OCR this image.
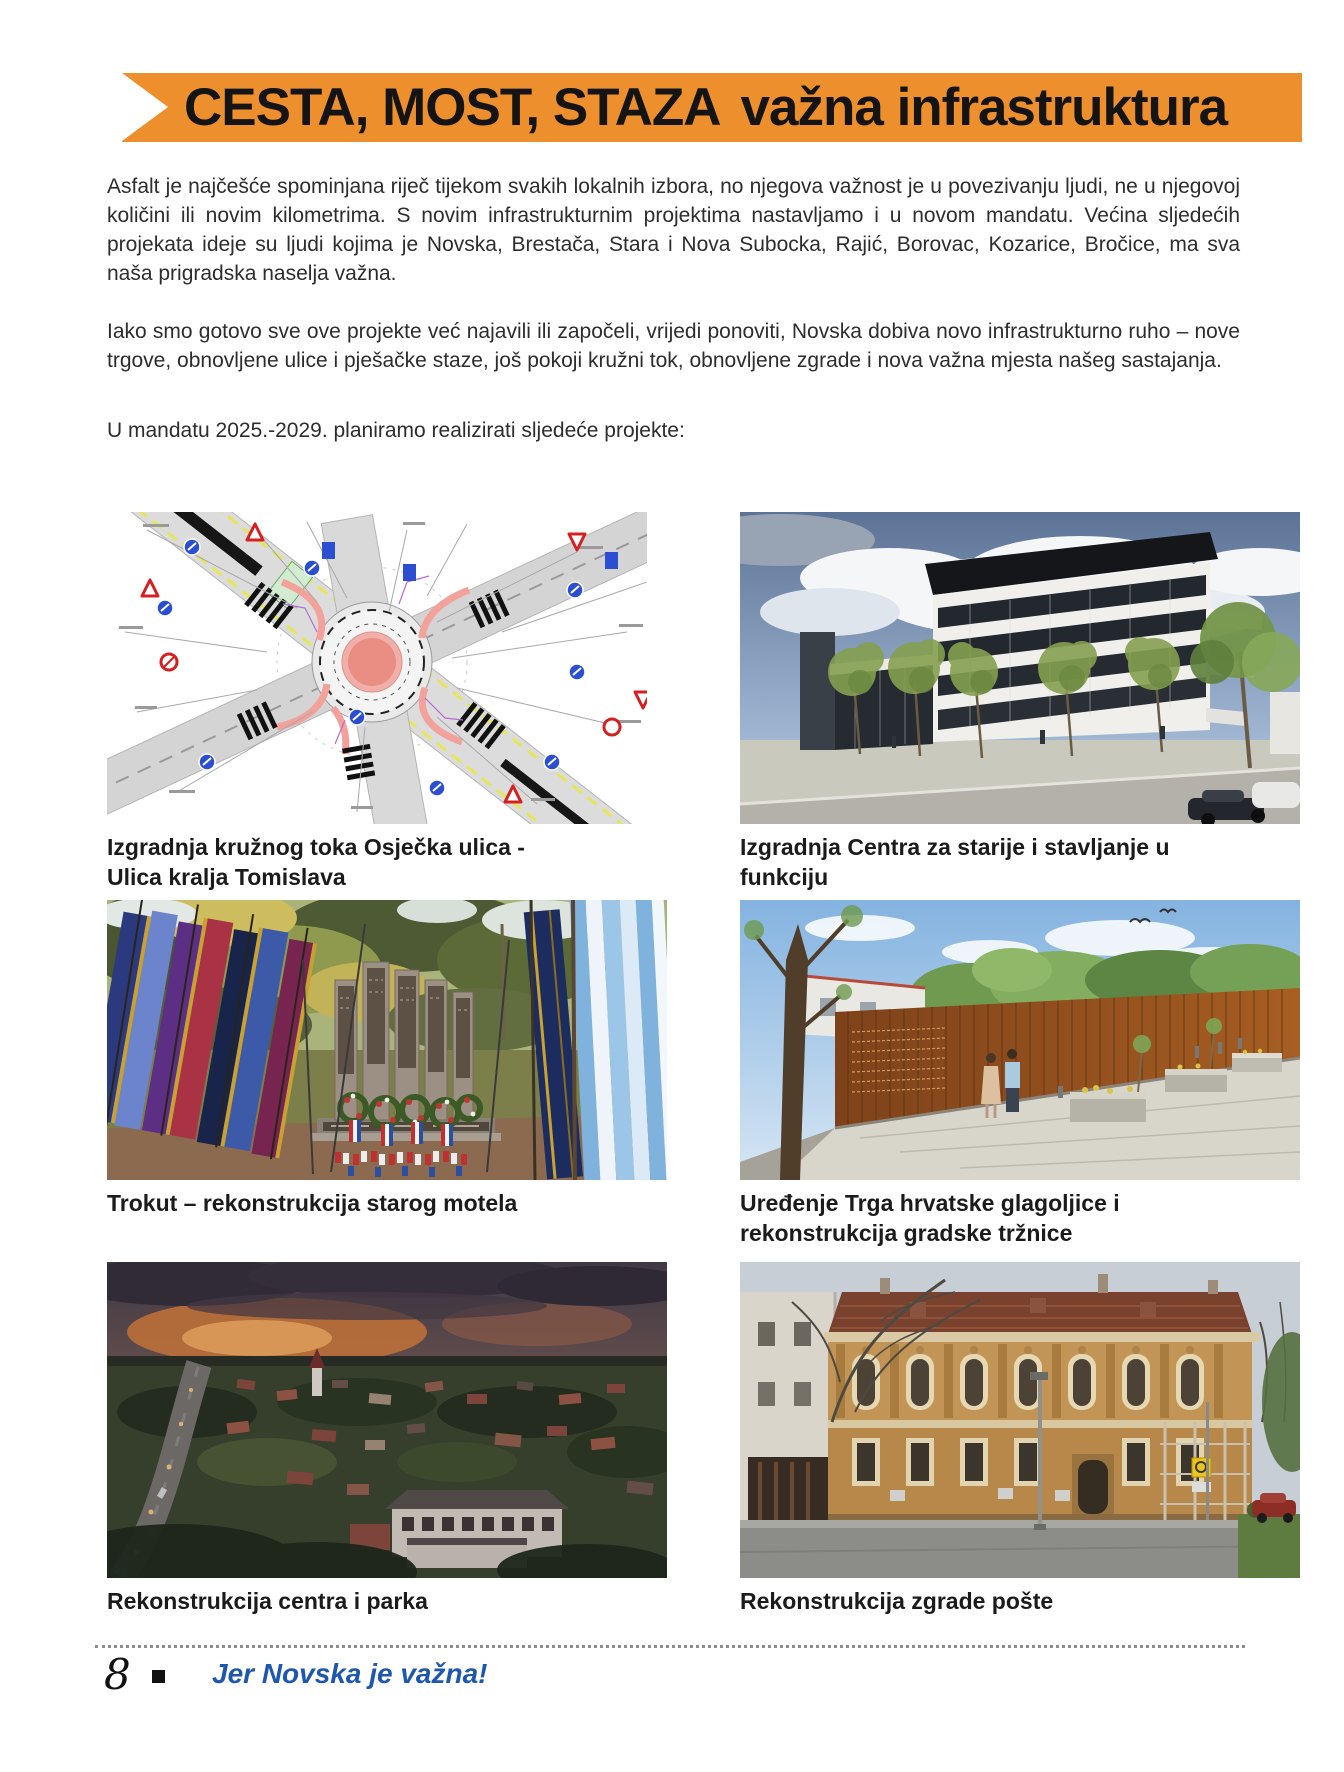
CESTA, MOST, STAZA važna infrastruktura

Asfalt je najčešće spominjana riječ tijekom svakih lokalnih izbora, no njegova važnost je u povezivanju ljudi, ne u njegovoj količini ili novim kilometrima. S novim infrastrukturnim projektima nastavljamo i u novom mandatu. Većina sljedećih projekata ideje su ljudi kojima je Novska, Brestača, Stara i Nova Subocka, Rajić, Borovac, Kozarice, Bročice, ma sva naša prigradska naselja važna.

Iako smo gotovo sve ove projekte već najavili ili započeli, vrijedi ponoviti, Novska dobiva novo infrastrukturno ruho – nove trgove, obnovljene ulice i pješačke staze, još pokoji kružni tok, obnovljene zgrade i nova važna mjesta našeg sastajanja.

U mandatu 2025.-2029. planiramo realizirati sljedeće projekte:

Izgradnja kružnog toka Osječka ulica - Ulica kralja Tomislava
Izgradnja Centra za starije i stavljanje u funkciju
Trokut – rekonstrukcija starog motela	Uređenje Trga hrvatske glagoljice i rekonstrukcija gradske tržnice
Rekonstrukcija centra i parka	Rekonstrukcija zgrade pošte
8	Jer Novska je važna!
